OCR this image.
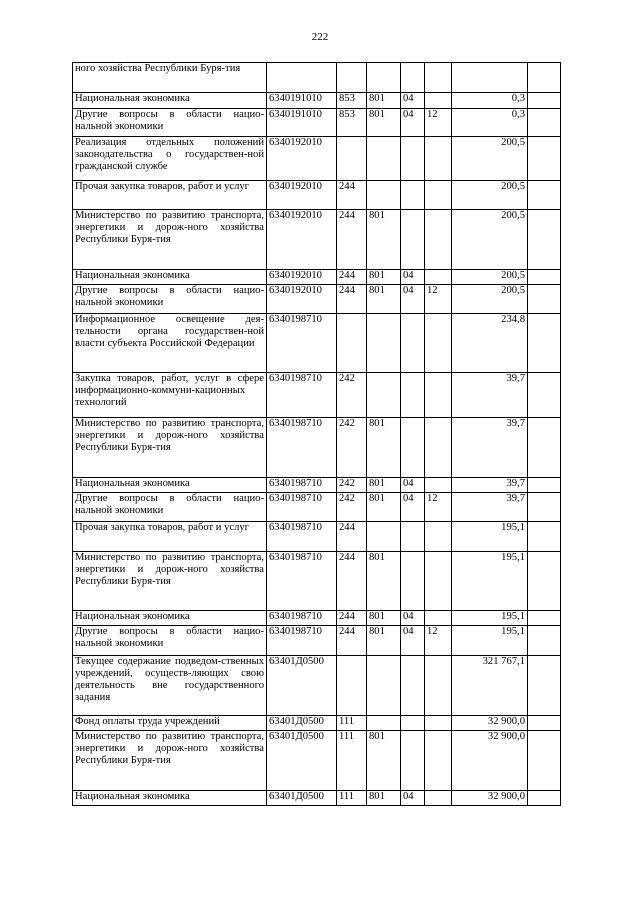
222
ного хозяйства Республики Буря-тия							
Национальная экономика	6340191010	853	801	04		0,3	
Другие вопросы в области нацио-нальной экономики	6340191010	853	801	04	12	0,3	
Реализация отдельных положений законодательства о государствен-ной гражданской службе	6340192010					200,5	
Прочая закупка товаров, работ и услуг	6340192010	244				200,5	
Министерство по развитию транспорта, энергетики и дорож-ного хозяйства Республики Буря-тия	6340192010	244	801			200,5	
Национальная экономика	6340192010	244	801	04		200,5	
Другие вопросы в области нацио-нальной экономики	6340192010	244	801	04	12	200,5	
Информационное освещение дея-тельности органа государствен-ной власти субъекта Российской Федерации	6340198710					234,8	
Закупка товаров, работ, услуг в сфере информационно-коммуни-кационных технологий	6340198710	242				39,7	
Министерство по развитию транспорта, энергетики и дорож-ного хозяйства Республики Буря-тия	6340198710	242	801			39,7	
Национальная экономика	6340198710	242	801	04		39,7	
Другие вопросы в области нацио-нальной экономики	6340198710	242	801	04	12	39,7	
Прочая закупка товаров, работ и услуг	6340198710	244				195,1	
Министерство по развитию транспорта, энергетики и дорож-ного хозяйства Республики Буря-тия	6340198710	244	801			195,1	
Национальная экономика	6340198710	244	801	04		195,1	
Другие вопросы в области нацио-нальной экономики	6340198710	244	801	04	12	195,1	
Текущее содержание подведом-ственных учреждений, осуществ-ляющих свою деятельность вне государственного задания	63401Д0500					321 767,1	
Фонд оплаты труда учреждений	63401Д0500	111				32 900,0	
Министерство по развитию транспорта, энергетики и дорож-ного хозяйства Республики Буря-тия	63401Д0500	111	801			32 900,0	
Национальная экономика	63401Д0500	111	801	04		32 900,0	
